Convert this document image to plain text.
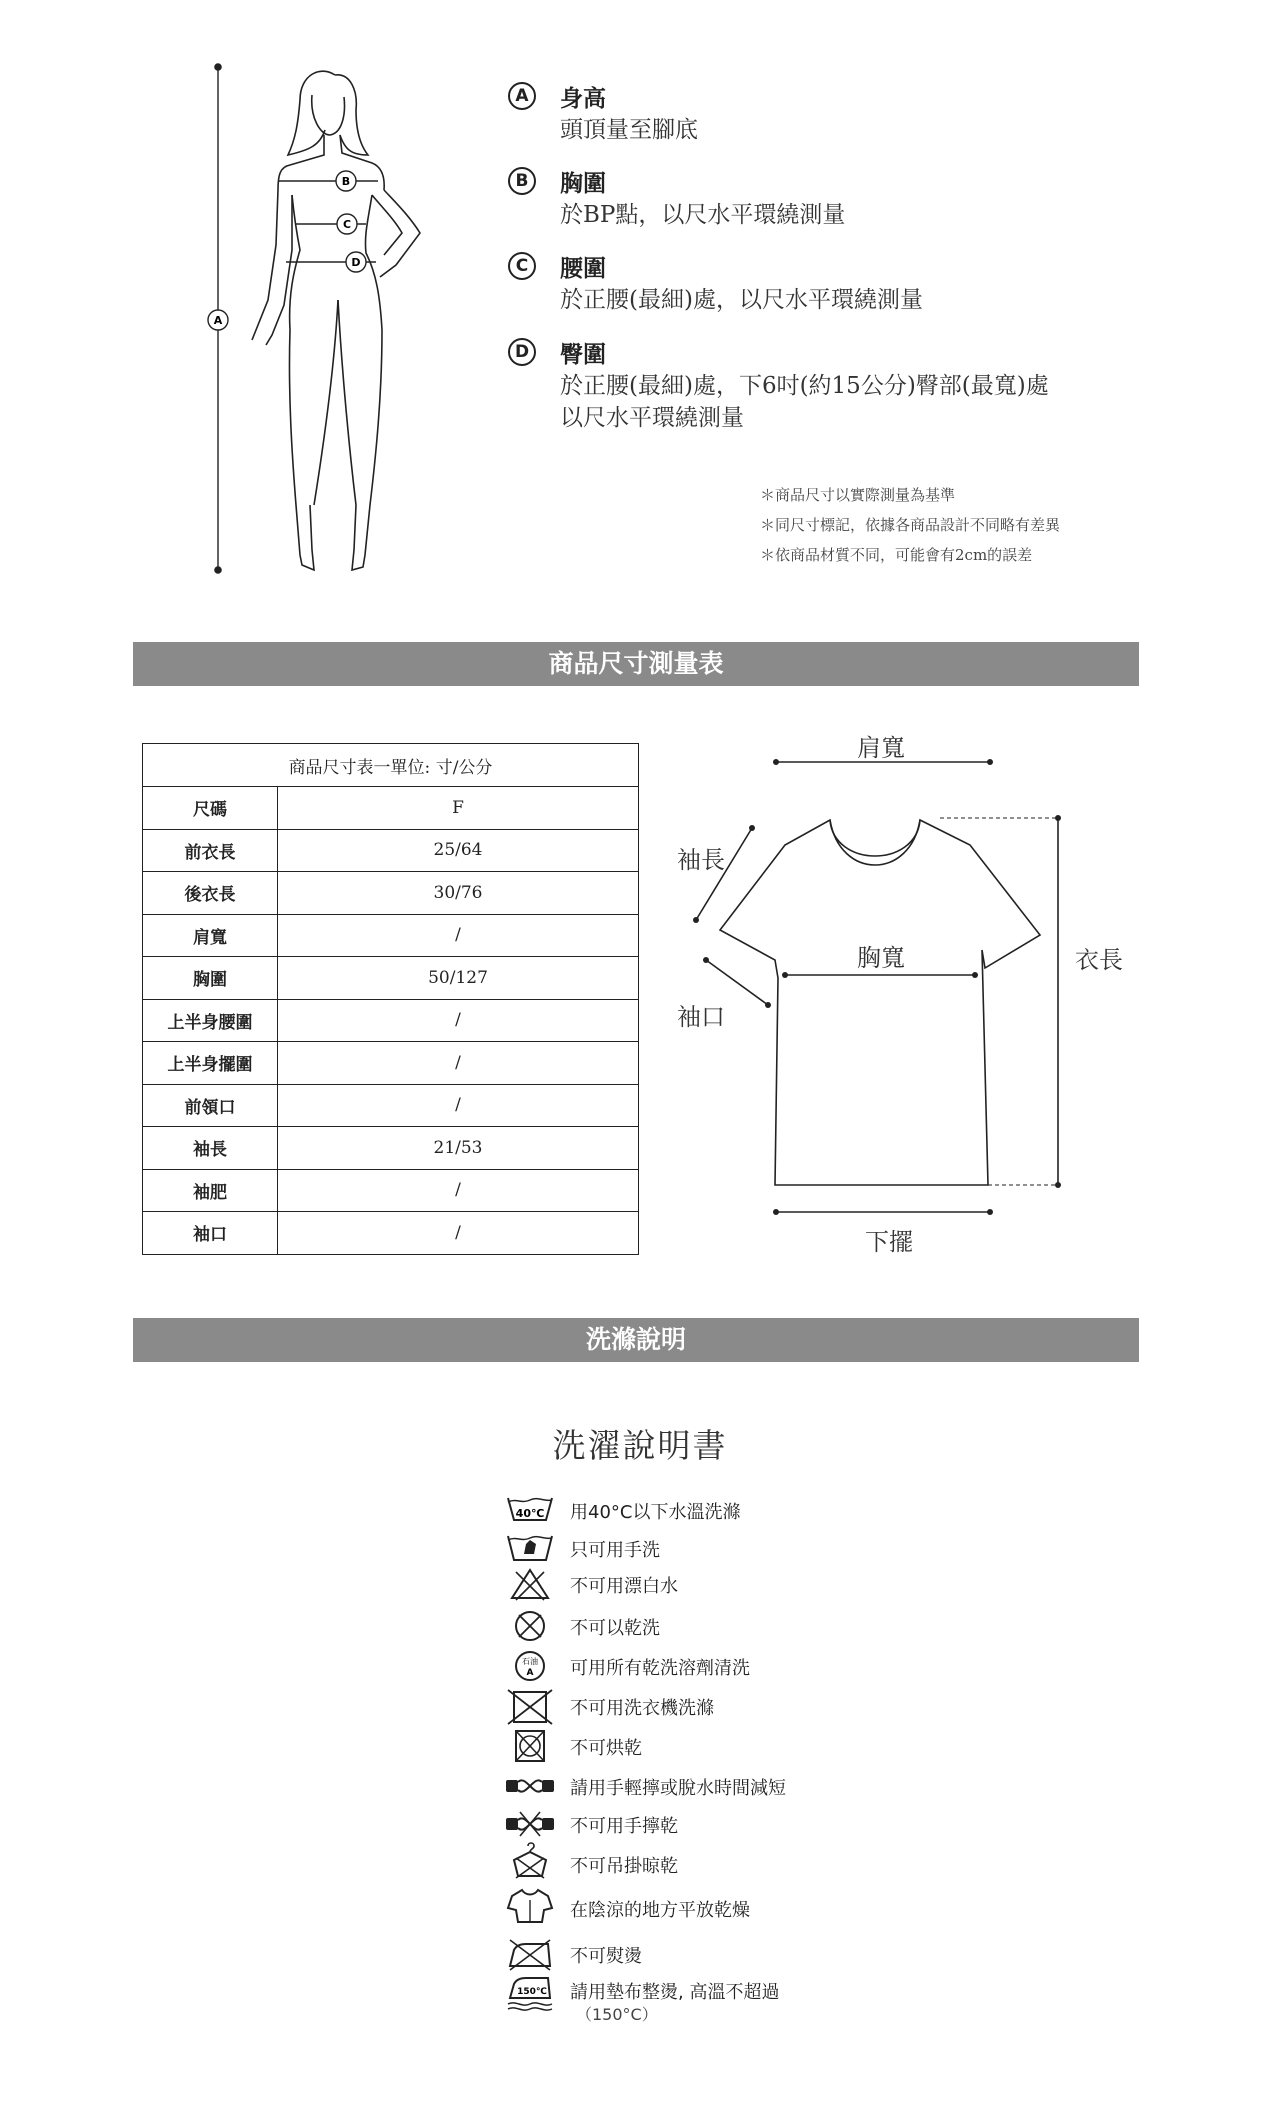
A
B
C
D
A	身高
頭頂量至腳底
B	胸圍
於BP點，以尺水平環繞測量
C	腰圍
於正腰(最細)處，以尺水平環繞測量
D	臀圍
於正腰(最細)處，下6吋(約15公分)臀部(最寬)處
以尺水平環繞測量
＊商品尺寸以實際測量為基準
＊同尺寸標記，依據各商品設計不同略有差異
＊依商品材質不同，可能會有2cm的誤差
商品尺寸測量表
商品尺寸表一單位: 寸/公分	
尺碼	F
前衣長	25/64
後衣長	30/76
肩寬	/
胸圍	50/127
上半身腰圍	/
上半身擺圍	/
前領口	/
袖長	21/53
袖肥	/
袖口	/
肩寬
袖長
胸寬	衣長
袖口
下擺
洗滌說明
洗濯說明書
40℃ 用40°C以下水溫洗滌
只可用手洗
不可用漂白水
不可以乾洗
石油
A 可用所有乾洗溶劑清洗
不可用洗衣機洗滌
不可烘乾
請用手輕擰或脫水時間減短
不可用手擰乾
不可吊掛晾乾
在陰涼的地方平放乾燥
不可熨燙
150℃ 請用墊布整燙, 高溫不超過
（150°C）
